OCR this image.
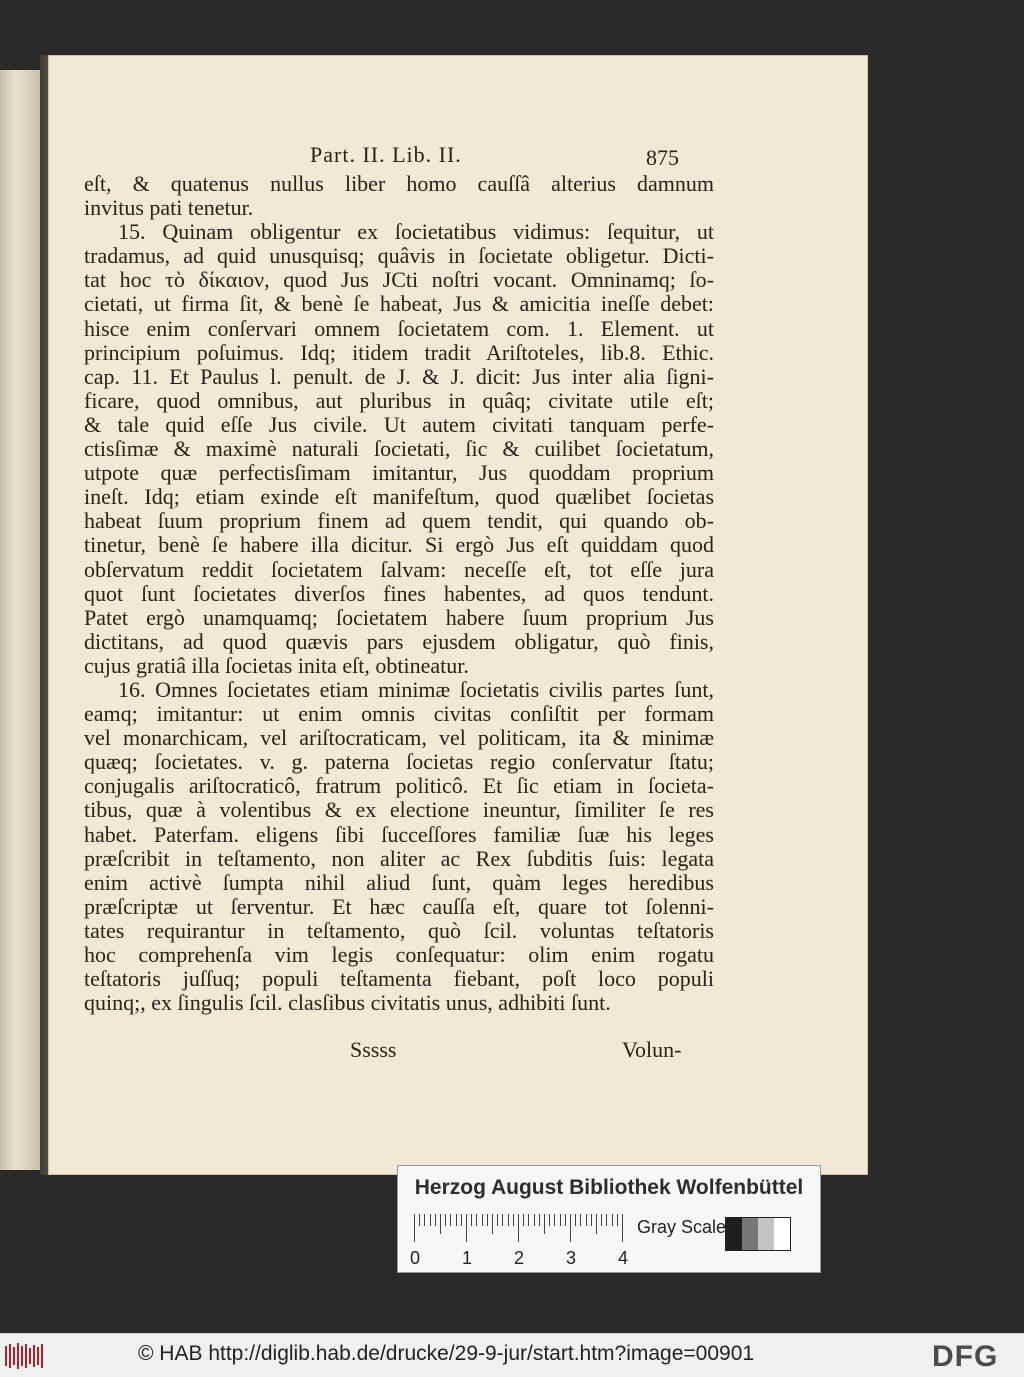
Part. II. Lib. II.	875
eſt, & quatenus nullus liber homo cauſſâ alterius damnum
invitus pati tenetur.
15. Quinam obligentur ex ſocietatibus vidimus: ſequitur, ut
tradamus, ad quid unusquisq; quâvis in ſocietate obligetur. Dicti-
tat hoc τὸ δίκαιον, quod Jus JCti noſtri vocant. Omninamq; ſo-
cietati, ut firma ſit, & benè ſe habeat, Jus & amicitia ineſſe debet:
hisce enim conſervari omnem ſocietatem com. 1. Element. ut
principium poſuimus. Idq; itidem tradit Ariſtoteles, lib.8. Ethic.
cap. 11. Et Paulus l. penult. de J. & J. dicit: Jus inter alia ſigni-
ficare, quod omnibus, aut pluribus in quâq; civitate utile eſt;
& tale quid eſſe Jus civile. Ut autem civitati tanquam perfe-
ctisſimæ & maximè naturali ſocietati, ſic & cuilibet ſocietatum,
utpote quæ perfectisſimam imitantur, Jus quoddam proprium
ineſt. Idq; etiam exinde eſt manifeſtum, quod quælibet ſocietas
habeat ſuum proprium finem ad quem tendit, qui quando ob-
tinetur, benè ſe habere illa dicitur. Si ergò Jus eſt quiddam quod
obſervatum reddit ſocietatem ſalvam: neceſſe eſt, tot eſſe jura
quot ſunt ſocietates diverſos fines habentes, ad quos tendunt.
Patet ergò unamquamq; ſocietatem habere ſuum proprium Jus
dictitans, ad quod quævis pars ejusdem obligatur, quò finis,
cujus gratiâ illa ſocietas inita eſt, obtineatur.
16. Omnes ſocietates etiam minimæ ſocietatis civilis partes ſunt,
eamq; imitantur: ut enim omnis civitas conſiſtit per formam
vel monarchicam, vel ariſtocraticam, vel politicam, ita & minimæ
quæq; ſocietates. v. g. paterna ſocietas regio conſervatur ſtatu;
conjugalis ariſtocraticô, fratrum politicô. Et ſic etiam in ſocieta-
tibus, quæ à volentibus & ex electione ineuntur, ſimiliter ſe res
habet. Paterfam. eligens ſibi ſucceſſores familiæ ſuæ his leges
præſcribit in teſtamento, non aliter ac Rex ſubditis ſuis: legata
enim activè ſumpta nihil aliud ſunt, quàm leges heredibus
præſcriptæ ut ſerventur. Et hæc cauſſa eſt, quare tot ſolenni-
tates requirantur in teſtamento, quò ſcil. voluntas teſtatoris
hoc comprehenſa vim legis conſequatur: olim enim rogatu
teſtatoris juſſuq; populi teſtamenta fiebant, poſt loco populi
quinq;, ex ſingulis ſcil. clasſibus civitatis unus, adhibiti ſunt.
Sssss	Volun-
Herzog August Bibliothek Wolfenbüttel
0 1 2 3 4
Gray Scale
© HAB http://diglib.hab.de/drucke/29-9-jur/start.htm?image=00901	DFG
